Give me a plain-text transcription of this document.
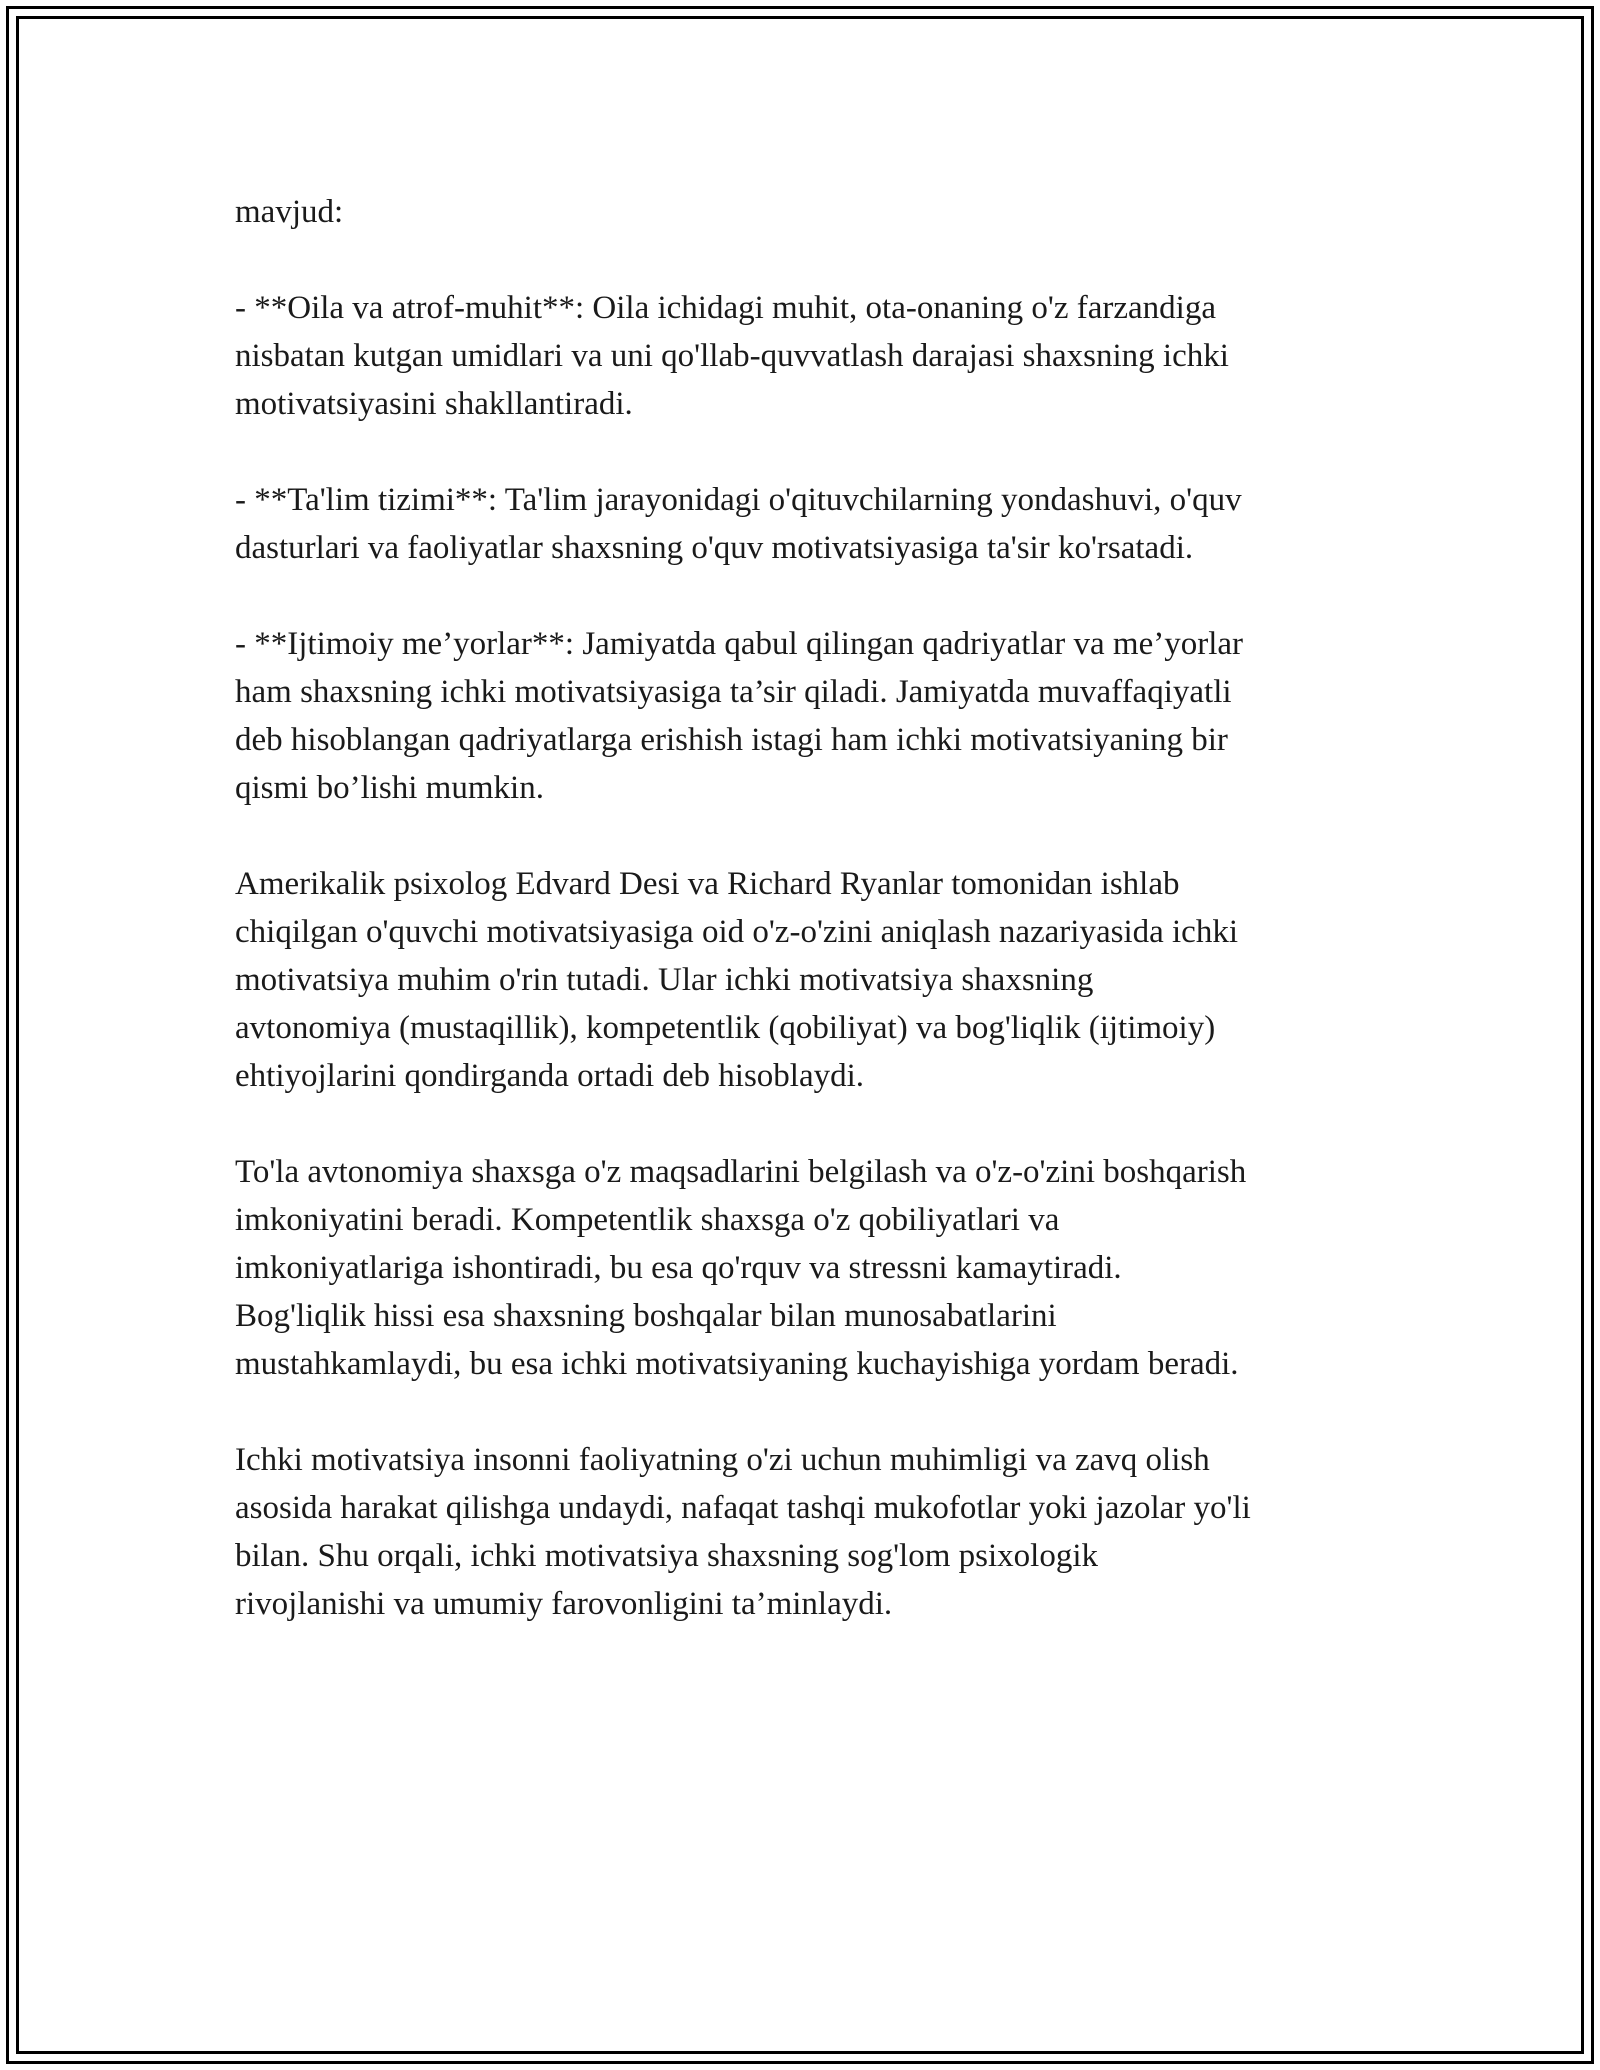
mavjud:

- **Oila va atrof-muhit**: Oila ichidagi muhit, ota-onaning o'z farzandiga
nisbatan kutgan umidlari va uni qo'llab-quvvatlash darajasi shaxsning ichki
motivatsiyasini shakllantiradi.

- **Ta'lim tizimi**: Ta'lim jarayonidagi o'qituvchilarning yondashuvi, o'quv
dasturlari va faoliyatlar shaxsning o'quv motivatsiyasiga ta'sir ko'rsatadi.

- **Ijtimoiy me’yorlar**: Jamiyatda qabul qilingan qadriyatlar va me’yorlar
ham shaxsning ichki motivatsiyasiga ta’sir qiladi. Jamiyatda muvaffaqiyatli
deb hisoblangan qadriyatlarga erishish istagi ham ichki motivatsiyaning bir
qismi bo’lishi mumkin.

Amerikalik psixolog Edvard Desi va Richard Ryanlar tomonidan ishlab
chiqilgan o'quvchi motivatsiyasiga oid o'z-o'zini aniqlash nazariyasida ichki
motivatsiya muhim o'rin tutadi. Ular ichki motivatsiya shaxsning
avtonomiya (mustaqillik), kompetentlik (qobiliyat) va bog'liqlik (ijtimoiy)
ehtiyojlarini qondirganda ortadi deb hisoblaydi.

To'la avtonomiya shaxsga o'z maqsadlarini belgilash va o'z-o'zini boshqarish
imkoniyatini beradi. Kompetentlik shaxsga o'z qobiliyatlari va
imkoniyatlariga ishontiradi, bu esa qo'rquv va stressni kamaytiradi.
Bog'liqlik hissi esa shaxsning boshqalar bilan munosabatlarini
mustahkamlaydi, bu esa ichki motivatsiyaning kuchayishiga yordam beradi.

Ichki motivatsiya insonni faoliyatning o'zi uchun muhimligi va zavq olish
asosida harakat qilishga undaydi, nafaqat tashqi mukofotlar yoki jazolar yo'li
bilan. Shu orqali, ichki motivatsiya shaxsning sog'lom psixologik
rivojlanishi va umumiy farovonligini ta’minlaydi.
